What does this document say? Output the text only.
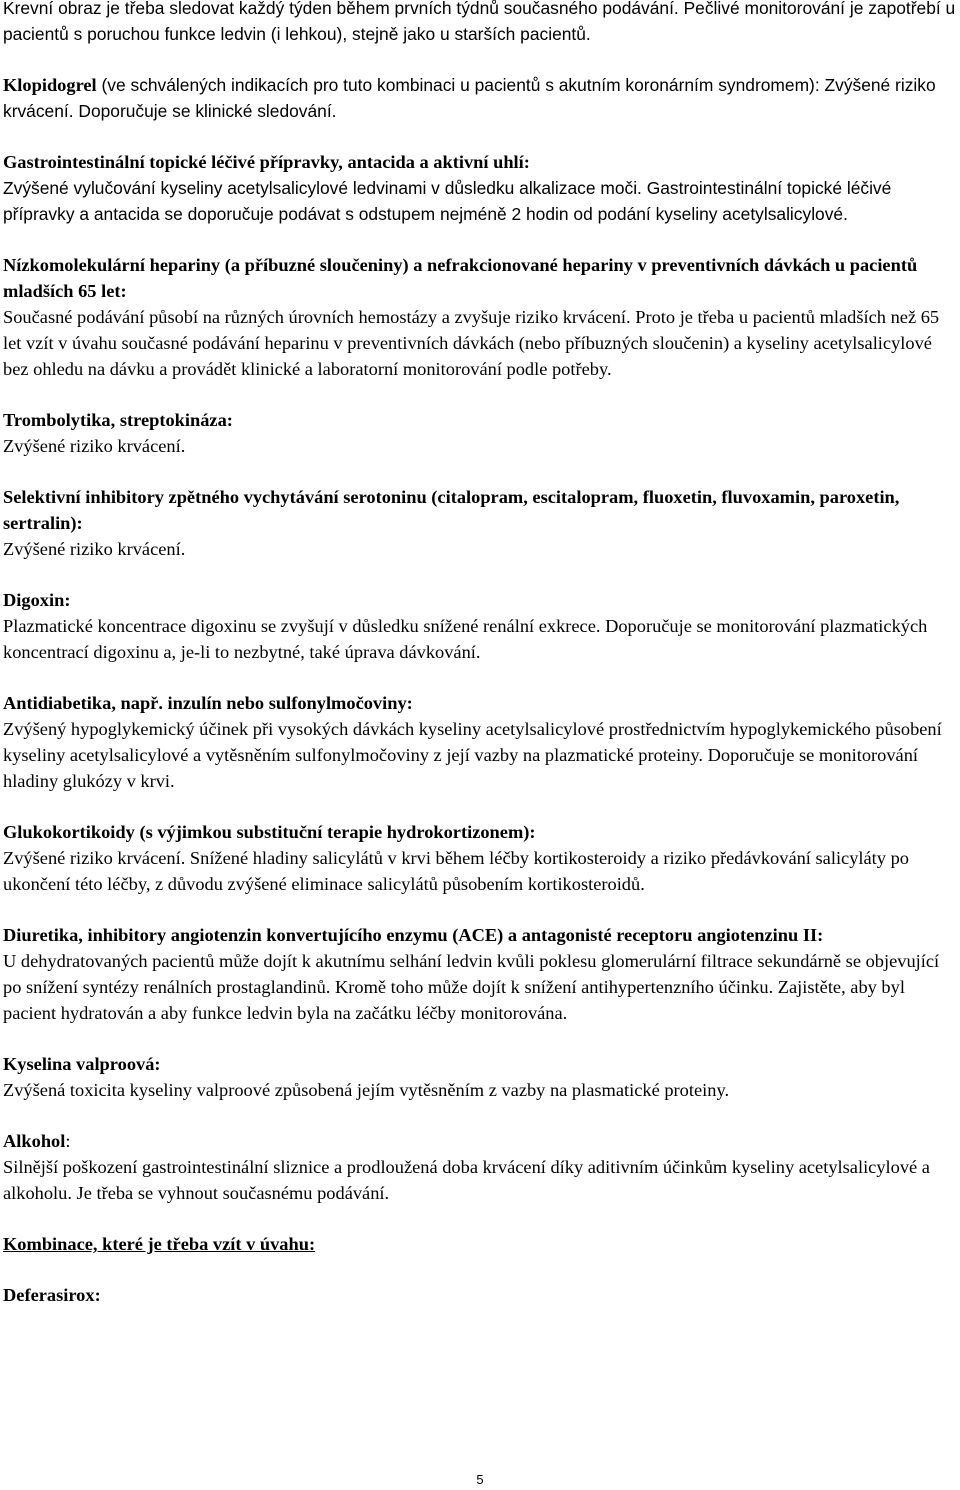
Krevní obraz je třeba sledovat každý týden během prvních týdnů současného podávání. Pečlivé monitorování je zapotřebí u pacientů s poruchou funkce ledvin (i lehkou), stejně jako u starších pacientů.

Klopidogrel (ve schválených indikacích pro tuto kombinaci u pacientů s akutním koronárním syndromem): Zvýšené riziko krvácení. Doporučuje se klinické sledování.

Gastrointestinální topické léčivé přípravky, antacida a aktivní uhlí:
Zvýšené vylučování kyseliny acetylsalicylové ledvinami v důsledku alkalizace moči. Gastrointestinální topické léčivé přípravky a antacida se doporučuje podávat s odstupem nejméně 2 hodin od podání kyseliny acetylsalicylové.

Nízkomolekulární hepariny (a příbuzné sloučeniny) a nefrakcionované hepariny v preventivních dávkách u pacientů mladších 65 let:
Současné podávání působí na různých úrovních hemostázy a zvyšuje riziko krvácení. Proto je třeba u pacientů mladších než 65 let vzít v úvahu současné podávání heparinu v preventivních dávkách (nebo příbuzných sloučenin) a kyseliny acetylsalicylové bez ohledu na dávku a provádět klinické a laboratorní monitorování podle potřeby.

Trombolytika, streptokináza:
Zvýšené riziko krvácení.

Selektivní inhibitory zpětného vychytávání serotoninu (citalopram, escitalopram, fluoxetin, fluvoxamin, paroxetin, sertralin):
Zvýšené riziko krvácení.

Digoxin:
Plazmatické koncentrace digoxinu se zvyšují v důsledku snížené renální exkrece. Doporučuje se monitorování plazmatických koncentrací digoxinu a, je-li to nezbytné, také úprava dávkování.

Antidiabetika, např. inzulín nebo sulfonylmočoviny:
Zvýšený hypoglykemický účinek při vysokých dávkách kyseliny acetylsalicylové prostřednictvím hypoglykemického působení kyseliny acetylsalicylové a vytěsněním sulfonylmočoviny z její vazby na plazmatické proteiny. Doporučuje se monitorování hladiny glukózy v krvi.

Glukokortikoidy (s výjimkou substituční terapie hydrokortizonem):
Zvýšené riziko krvácení. Snížené hladiny salicylátů v krvi během léčby kortikosteroidy a riziko předávkování salicyláty po ukončení této léčby, z důvodu zvýšené eliminace salicylátů působením kortikosteroidů.

Diuretika, inhibitory angiotenzin konvertujícího enzymu (ACE) a antagonisté receptoru angiotenzinu II:
U dehydratovaných pacientů může dojít k akutnímu selhání ledvin kvůli poklesu glomerulární filtrace sekundárně se objevující po snížení syntézy renálních prostaglandinů. Kromě toho může dojít k snížení antihypertenzního účinku. Zajistěte, aby byl pacient hydratován a aby funkce ledvin byla na začátku léčby monitorována.

Kyselina valproová:
Zvýšená toxicita kyseliny valproové způsobená jejím vytěsněním z vazby na plasmatické proteiny.

Alkohol:
Silnější poškození gastrointestinální sliznice a prodloužená doba krvácení díky aditivním účinkům kyseliny acetylsalicylové a alkoholu. Je třeba se vyhnout současnému podávání.

Kombinace, které je třeba vzít v úvahu:

Deferasirox:

5
